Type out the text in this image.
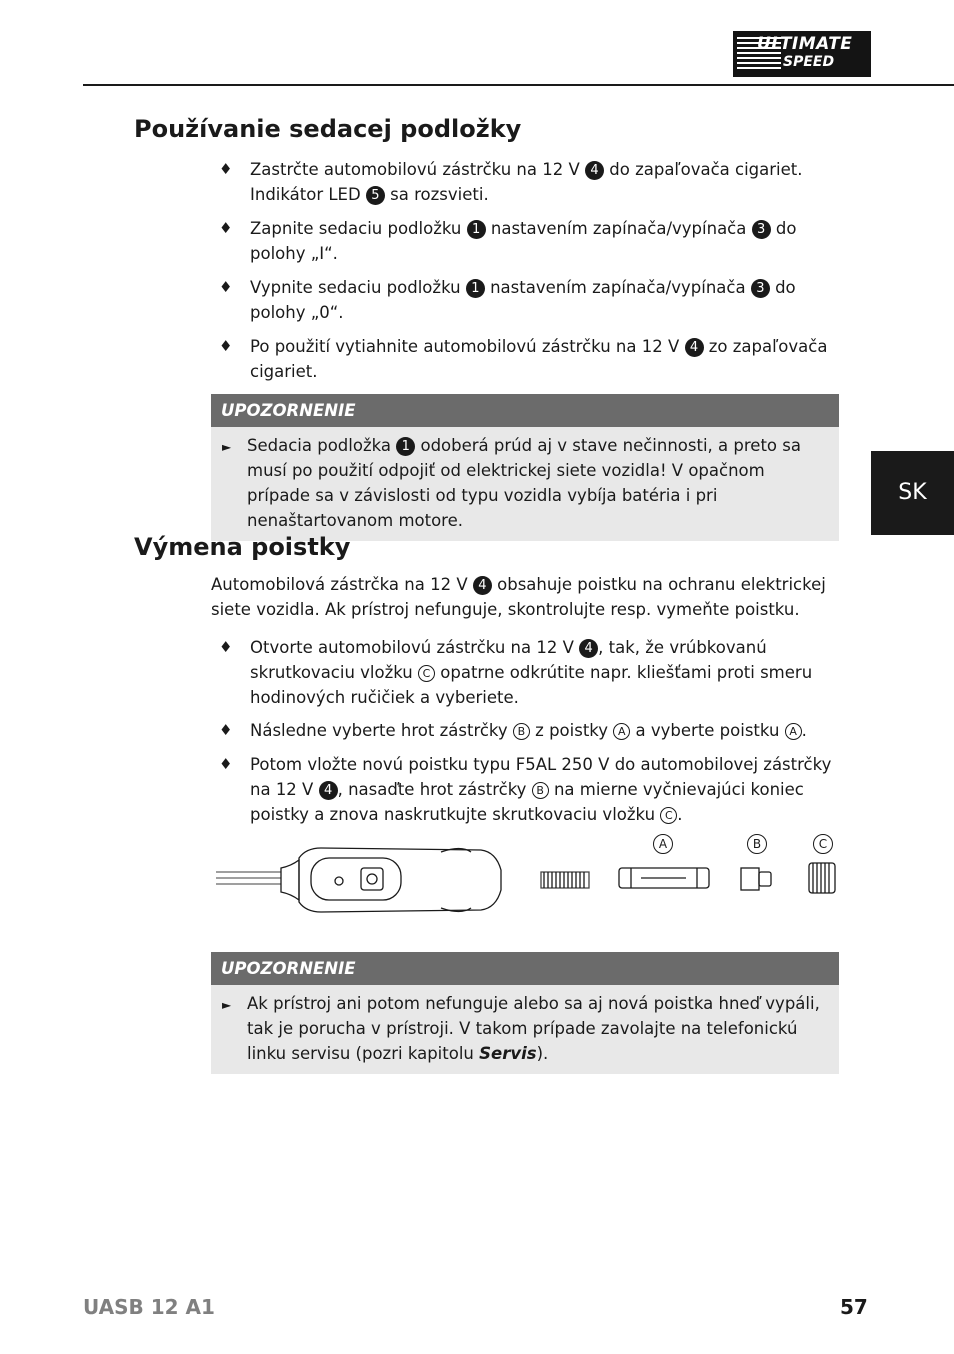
ULTIMATE
SPEED
Používanie sedacej podložky
♦ Zastrčte automobilovú zástrčku na 12 V 4 do zapaľovača cigariet.
Indikátor LED 5 sa rozsvieti.
♦ Zapnite sedaciu podložku 1 nastavením zapínača/vypínača 3 do
polohy „I“.
♦ Vypnite sedaciu podložku 1 nastavením zapínača/vypínača 3 do
polohy „0“.
♦ Po použití vytiahnite automobilovú zástrčku na 12 V 4 zo zapaľovača
cigariet.
UPOZORNENIE
► Sedacia podložka 1 odoberá prúd aj v stave nečinnosti, a preto sa musí po použití odpojiť od elektrickej siete vozidla! V opačnom prípade sa v závislosti od typu vozidla vybíja batéria i pri nenaštartovanom motore.
SK
Výmena poistky
Automobilová zástrčka na 12 V 4 obsahuje poistku na ochranu elektrickej siete vozidla. Ak prístroj nefunguje, skontrolujte resp. vymeňte poistku.
♦ Otvorte automobilovú zástrčku na 12 V 4 , tak, že vrúbkovanú skrutkovaciu vložku C opatrne odkrútite napr. kliešťami proti smeru hodinových ručičiek a vyberiete.
♦ Následne vyberte hrot zástrčky B z poistky A a vyberte poistku A .
♦ Potom vložte novú poistku typu F5AL 250 V do automobilovej zástrčky na 12 V 4 , nasaďte hrot zástrčky B na mierne vyčnievajúci koniec poistky a znova naskrutkujte skrutkovaciu vložku C .
A	B	C
UPOZORNENIE
► Ak prístroj ani potom nefunguje alebo sa aj nová poistka hneď vypáli, tak je porucha v prístroji. V takom prípade zavolajte na telefonickú linku servisu (pozri kapitolu Servis).
UASB 12 A1	57
